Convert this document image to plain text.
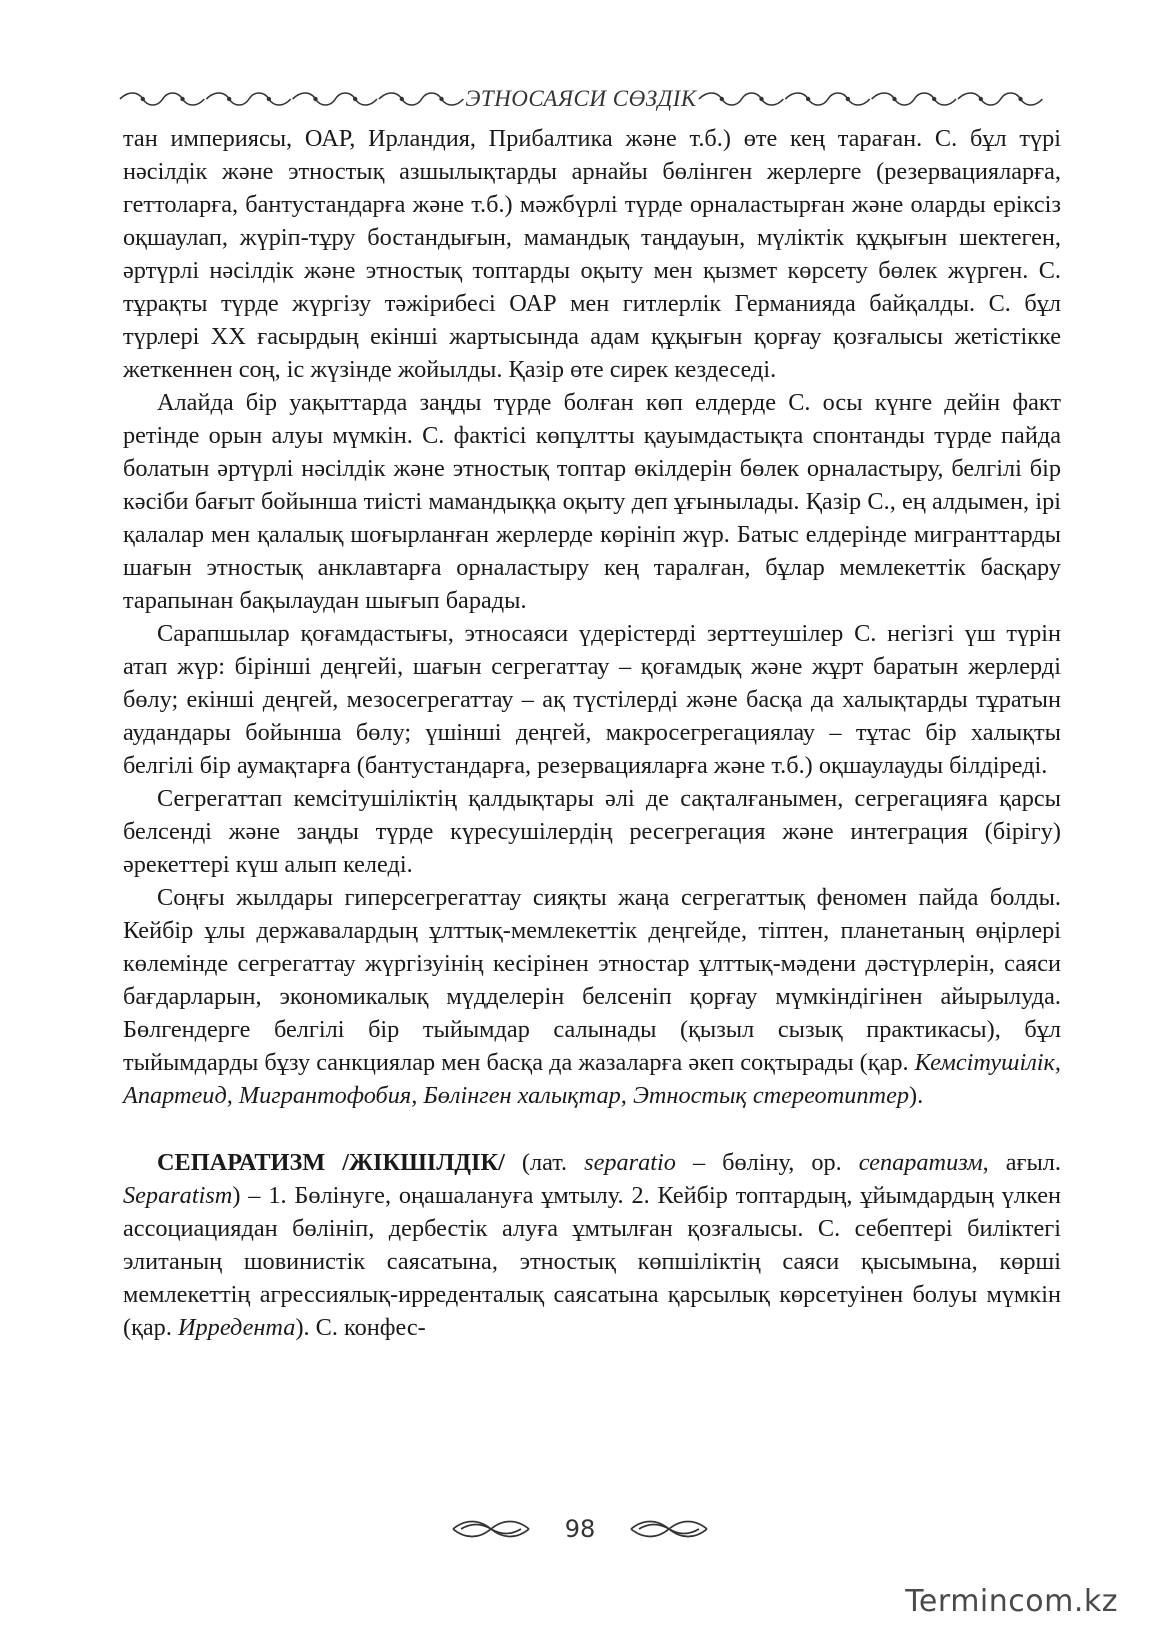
ЭТНОСАЯСИ СӨЗДІК

тан империясы, ОАР, Ирландия, Прибалтика және т.б.) өте кең тараған. С. бұл түрі нәсілдік және этностық азшылықтарды арнайы бөлінген жерлерге (резервацияларға, геттоларға, бантустандарға және т.б.) мәжбүрлі түрде орналастырған және оларды еріксіз оқшаулап, жүріп-тұру бостандығын, мамандық таңдауын, мүліктік құқығын шектеген, әртүрлі нәсілдік және этностық топтарды оқыту мен қызмет көрсету бөлек жүрген. С. тұрақты түрде жүргізу тәжірибесі ОАР мен гитлерлік Германияда байқалды. С. бұл түрлері ХХ ғасырдың екінші жартысында адам құқығын қорғау қозғалысы жетістікке жеткеннен соң, іс жүзінде жойылды. Қазір өте сирек кездеседі.

Алайда бір уақыттарда заңды түрде болған көп елдерде С. осы күнге дейін факт ретінде орын алуы мүмкін. С. фактісі көпұлтты қауымдастықта спонтанды түрде пайда болатын әртүрлі нәсілдік және этностық топтар өкілдерін бөлек орналастыру, белгілі бір кәсіби бағыт бойынша тиісті мамандыққа оқыту деп ұғынылады. Қазір С., ең алдымен, ірі қалалар мен қалалық шоғырланған жерлерде көрініп жүр. Батыс елдерінде мигранттарды шағын этностық анклавтарға орналастыру кең таралған, бұлар мемлекеттік басқару тарапынан бақылаудан шығып барады.

Сарапшылар қоғамдастығы, этносаяси үдерістерді зерттеушілер С. негізгі үш түрін атап жүр: бірінші деңгейі, шағын сегрегаттау – қоғамдық және жұрт баратын жерлерді бөлу; екінші деңгей, мезосегрегаттау – ақ түстілерді және басқа да халықтарды тұратын аудандары бойынша бөлу; үшінші деңгей, макросегрегациялау – тұтас бір халықты белгілі бір аумақтарға (бантустандарға, резервацияларға және т.б.) оқшаулауды білдіреді.

Сегрегаттап кемсітушіліктің қалдықтары әлі де сақталғанымен, сегрегацияға қарсы белсенді және заңды түрде күресушілердің ресегрегация және интеграция (бірігу) әрекеттері күш алып келеді.

Соңғы жылдары гиперсегрегаттау сияқты жаңа сегрегаттық феномен пайда болды. Кейбір ұлы державалардың ұлттық-мемлекеттік деңгейде, тіптен, планетаның өңірлері көлемінде сегрегаттау жүргізуінің кесірінен этностар ұлттық-мәдени дәстүрлерін, саяси бағдарларын, экономикалық мүдделерін белсеніп қорғау мүмкіндігінен айырылуда. Бөлгендерге белгілі бір тыйымдар салынады (қызыл сызық практикасы), бұл тыйымдарды бұзу санкциялар мен басқа да жазаларға әкеп соқтырады (қар. Кемсітушілік, Апартеид, Мигрантофобия, Бөлінген халықтар, Этностық стереотиптер).

СЕПАРАТИЗМ /ЖІКШІЛДІК/ (лат. separatio – бөліну, ор. сепаратизм, ағыл. Separatism) – 1. Бөлінуге, оңашалануға ұмтылу. 2. Кейбір топтардың, ұйымдардың үлкен ассоциациядан бөлініп, дербестік алуға ұмтылған қозғалысы. С. себептері биліктегі элитаның шовинистік саясатына, этностық көпшіліктің саяси қысымына, көрші мемлекеттің агрессиялық-ирреденталық саясатына қарсылық көрсетуінен болуы мүмкін (қар. Ирредента). С. конфес-

98
Termincom.kz
